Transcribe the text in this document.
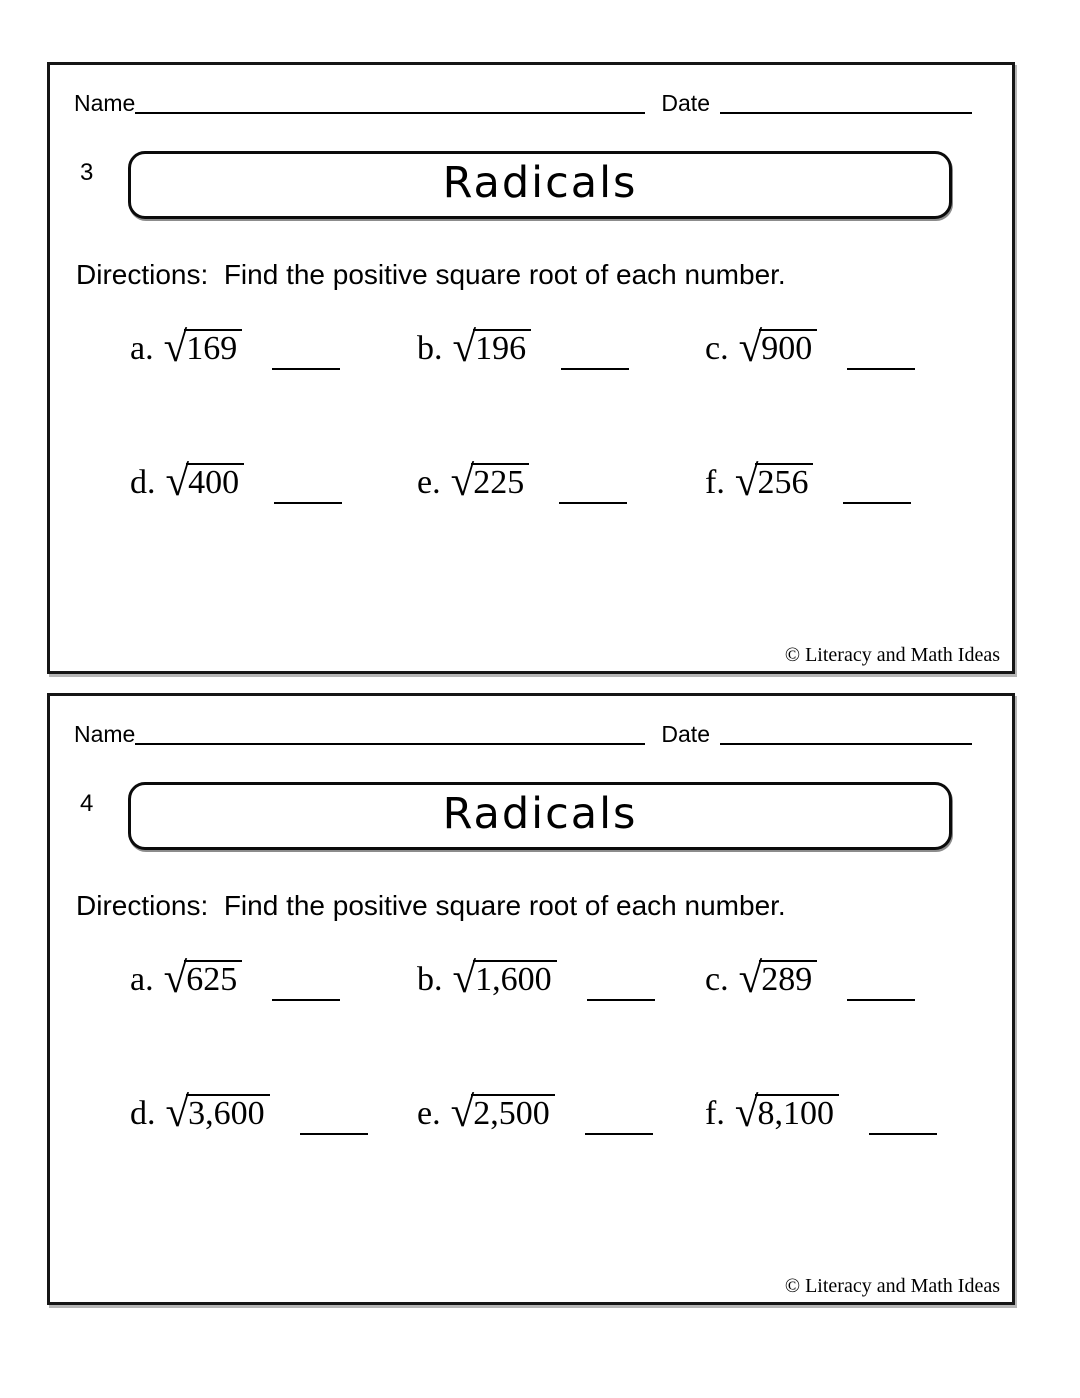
Name	Date
3	Radicals
Directions:  Find the positive square root of each number.
a. √169	b. √196	c. √900
d. √400	e. √225	f. √256
© Literacy and Math Ideas
Name	Date
4	Radicals
Directions:  Find the positive square root of each number.
a. √625	b. √1,600	c. √289
d. √3,600	e. √2,500	f. √8,100
© Literacy and Math Ideas
